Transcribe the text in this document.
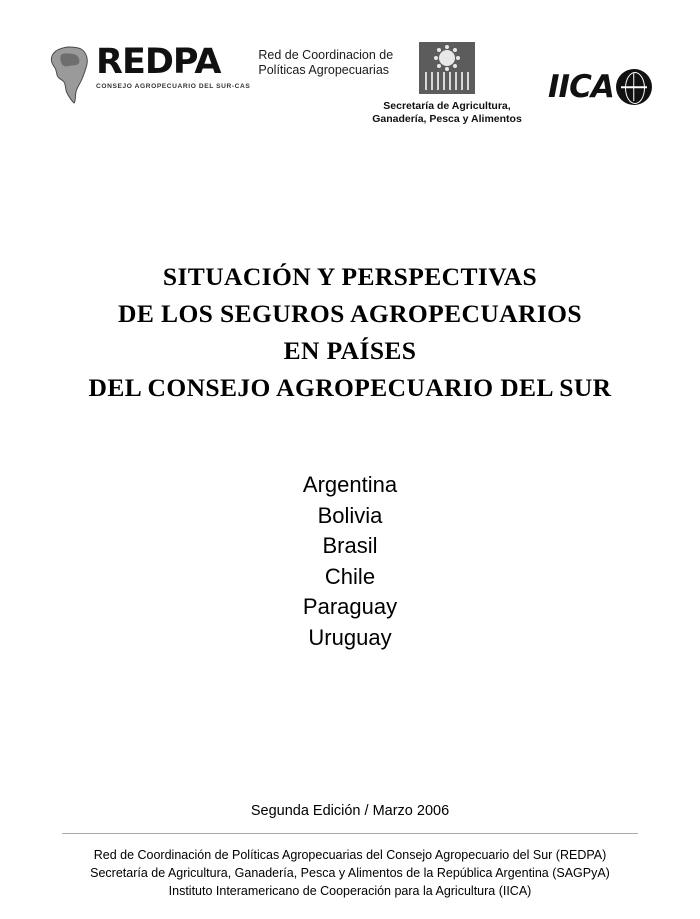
REDPA
CONSEJO AGROPECUARIO DEL SUR-CAS
Red de Coordinacion de
Políticas Agropecuarias
Secretaría de Agricultura,
Ganadería, Pesca y Alimentos
IICA
SITUACIÓN Y PERSPECTIVAS
DE LOS SEGUROS AGROPECUARIOS
EN PAÍSES
DEL CONSEJO AGROPECUARIO DEL SUR
Argentina
Bolivia
Brasil
Chile
Paraguay
Uruguay
Segunda Edición / Marzo 2006
Red de Coordinación de Políticas Agropecuarias del Consejo Agropecuario del Sur (REDPA)
Secretaría de Agricultura, Ganadería, Pesca y Alimentos de la República Argentina (SAGPyA)
Instituto Interamericano de Cooperación para la Agricultura (IICA)
